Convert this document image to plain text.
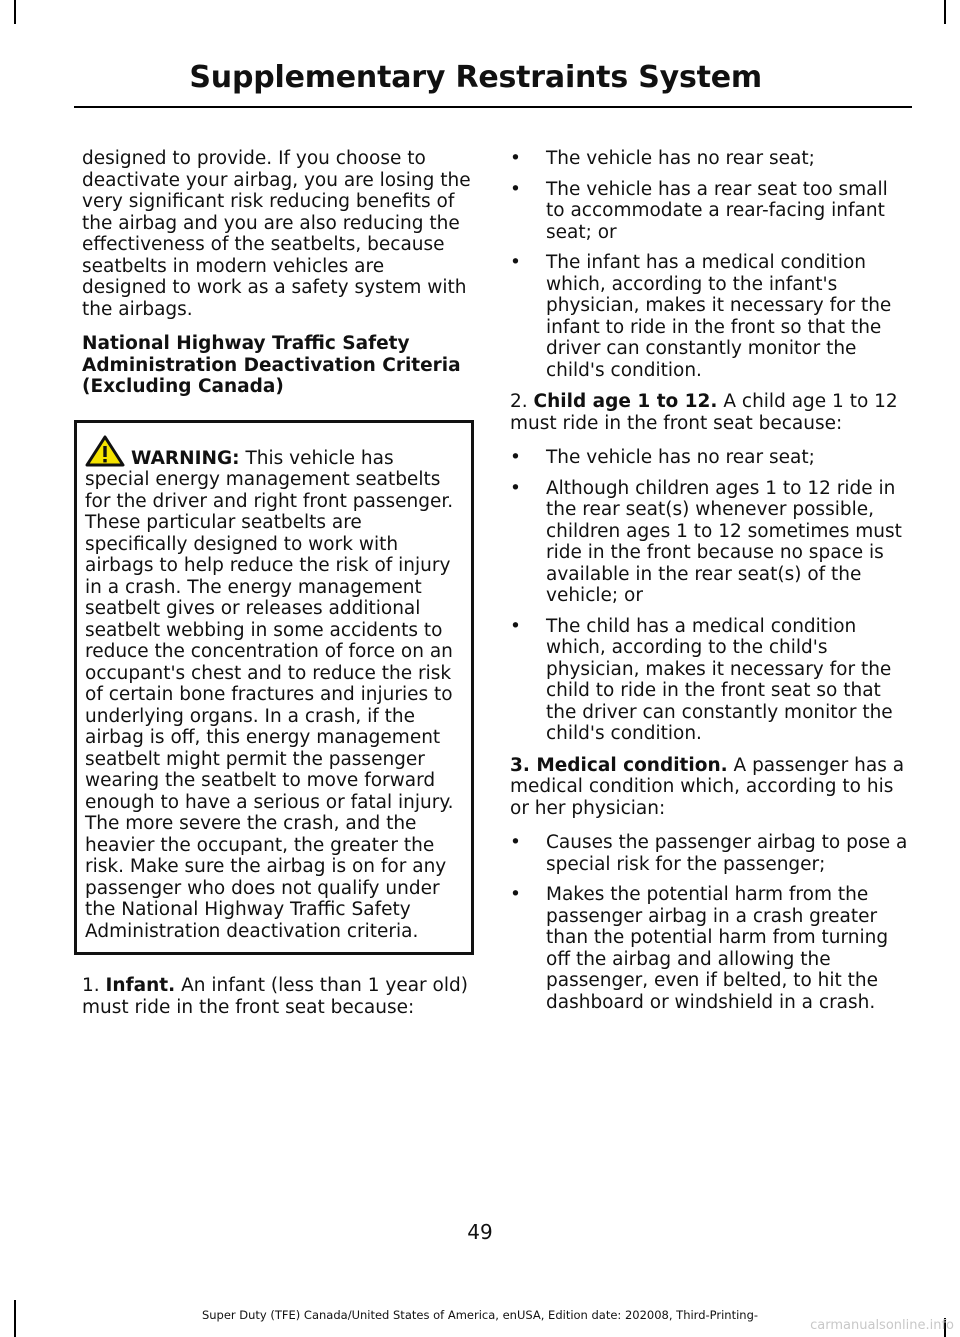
Supplementary Restraints System

designed to provide. If you choose to deactivate your airbag, you are losing the very significant risk reducing benefits of the airbag and you are also reducing the effectiveness of the seatbelts, because seatbelts in modern vehicles are designed to work as a safety system with the airbags.

National Highway Traffic Safety Administration Deactivation Criteria (Excluding Canada)

WARNING: This vehicle has special energy management seatbelts for the driver and right front passenger. These particular seatbelts are specifically designed to work with airbags to help reduce the risk of injury in a crash. The energy management seatbelt gives or releases additional seatbelt webbing in some accidents to reduce the concentration of force on an occupant's chest and to reduce the risk of certain bone fractures and injuries to underlying organs. In a crash, if the airbag is off, this energy management seatbelt might permit the passenger wearing the seatbelt to move forward enough to have a serious or fatal injury. The more severe the crash, and the heavier the occupant, the greater the risk. Make sure the airbag is on for any passenger who does not qualify under the National Highway Traffic Safety Administration deactivation criteria.

1. Infant. An infant (less than 1 year old) must ride in the front seat because:

• The vehicle has no rear seat;
• The vehicle has a rear seat too small to accommodate a rear-facing infant seat; or
• The infant has a medical condition which, according to the infant's physician, makes it necessary for the infant to ride in the front so that the driver can constantly monitor the child's condition.

2. Child age 1 to 12. A child age 1 to 12 must ride in the front seat because:

• The vehicle has no rear seat;
• Although children ages 1 to 12 ride in the rear seat(s) whenever possible, children ages 1 to 12 sometimes must ride in the front because no space is available in the rear seat(s) of the vehicle; or
• The child has a medical condition which, according to the child's physician, makes it necessary for the child to ride in the front seat so that the driver can constantly monitor the child's condition.

3. Medical condition. A passenger has a medical condition which, according to his or her physician:

• Causes the passenger airbag to pose a special risk for the passenger;
• Makes the potential harm from the passenger airbag in a crash greater than the potential harm from turning off the airbag and allowing the passenger, even if belted, to hit the dashboard or windshield in a crash.
49
Super Duty (TFE) Canada/United States of America, enUSA, Edition date: 202008, Third-Printing-
carmanualsonline.info
